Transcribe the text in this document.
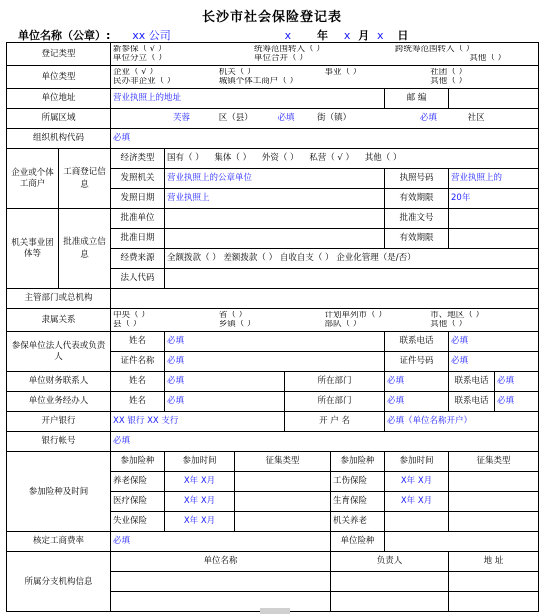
长沙市社会保险登记表
单位名称（公章）: xx 公司	x 年 x 月 x 日
登记类型		新参保（ √ ）	统筹范围转入（ ）	跨统筹范围转入（ ）
单位分立（ ）	单位合并（ ）	其他（ ）

单位类型		企业（ √ ）	机关（ ）	事业（ ）	社团（ ）
民办非企业（ ）	城镇个体工商户（ ）	其他（ ）

单位地址	营业执照上的地址	邮 编	
所属区域	芙蓉	区（县）	必填	街（镇）	必填	社区
组织机构代码	必填
企业或个体工商户	工商登记信息	经济类型	国有（ ） 集体（ ） 外资（ ） 私营（ √ ） 其他（ ）
发照机关	营业执照上的公章单位	执照号码	营业执照上的
发照日期	营业执照上	有效期限	20年
机关事业团体等	批准成立信息	批准单位		批准文号	
批准日期		有效期限	
经费来源	全额拨款（ ） 差额拨款（ ） 自收自支（ ） 企业化管理（是/否）
法人代码	
主管部门或总机构	
隶属关系		中央（ ）	省（ ）	计划单列市（ ）	市、地区（ ）
县（ ）	乡镇（ ）	部队（ ）	其他（ ）

参保单位法人代表或负责人	姓名	必填	联系电话	必填
证件名称	必填	证件号码	必填
单位财务联系人	姓名	必填	所在部门	必填	联系电话	必填
单位业务经办人	姓名	必填	所在部门	必填	联系电话	必填
开户银行	XX 银行 XX 支行	开 户 名	必填（单位名称开户）
银行帐号	必填
参加险种及时间	参加险种	参加时间	征集类型	参加险种	参加时间	征集类型
养老保险	X年 X月		工伤保险	X年 X月	
医疗保险	X年 X月		生育保险	X年 X月	
失业保险	X年 X月		机关养老		
核定工商费率	必填	单位险种	
所属分支机构信息	单位名称	负责人	地 址
